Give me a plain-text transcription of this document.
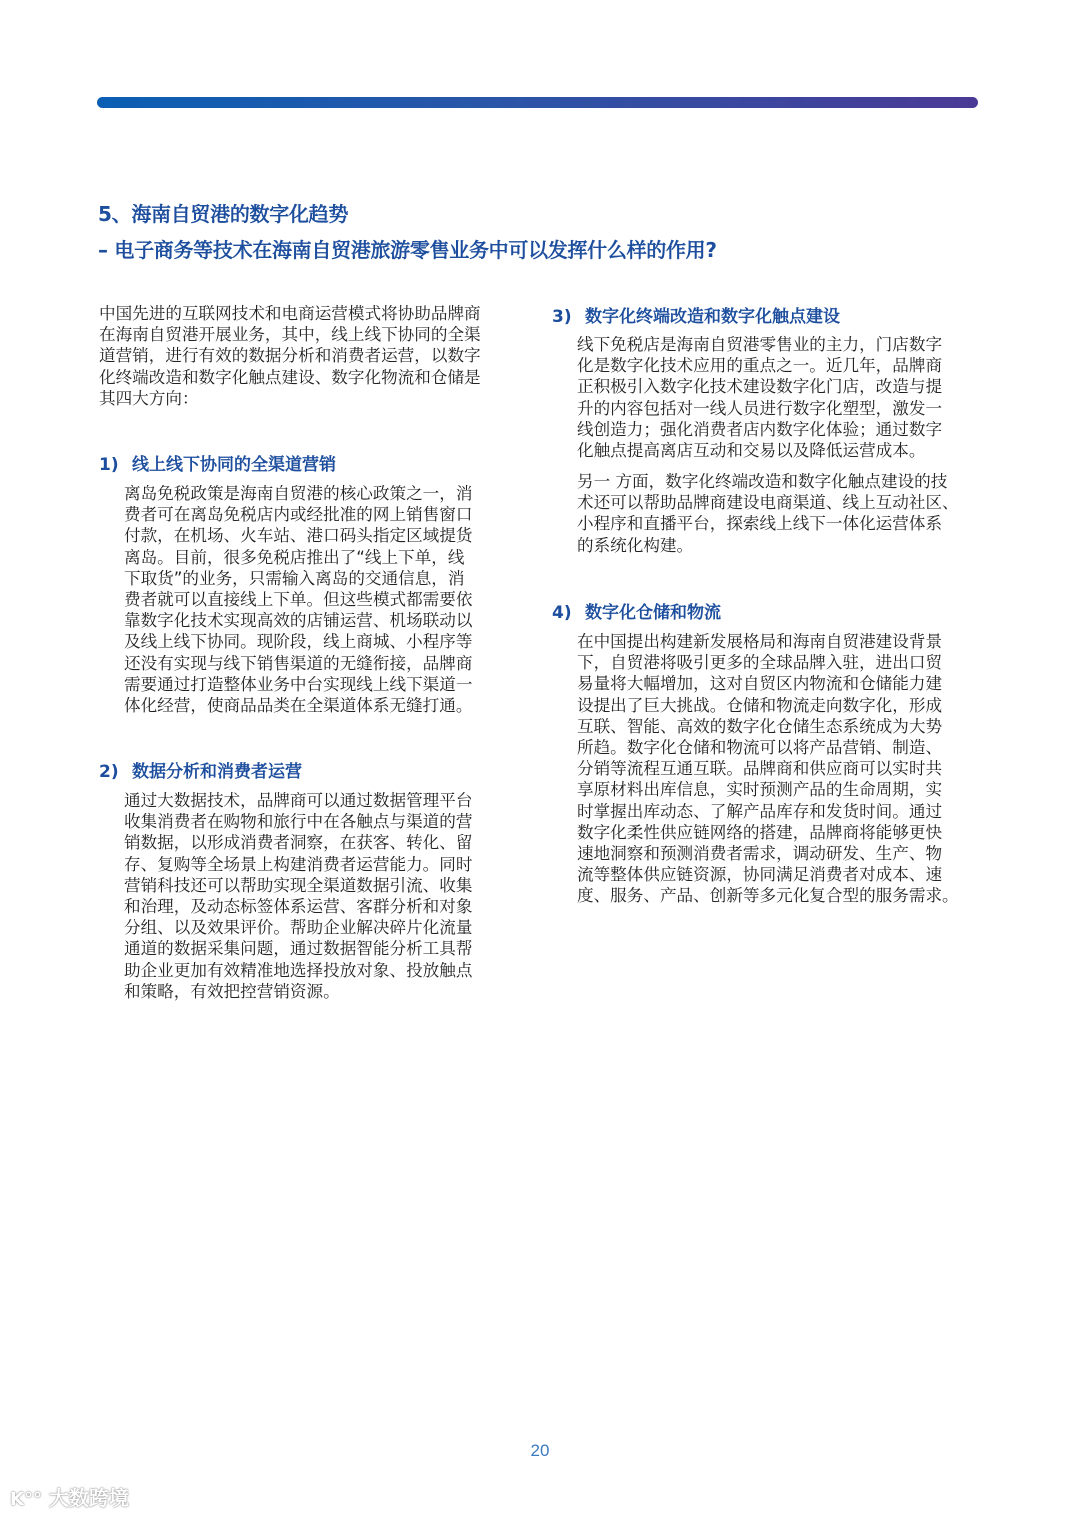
5、海南自贸港的数字化趋势
– 电子商务等技术在海南自贸港旅游零售业务中可以发挥什么样的作用?
中国先进的互联网技术和电商运营模式将协助品牌商
在海南自贸港开展业务，其中，线上线下协同的全渠
道营销，进行有效的数据分析和消费者运营，以数字
化终端改造和数字化触点建设、数字化物流和仓储是
其四大方向：
1) 线上线下协同的全渠道营销
离岛免税政策是海南自贸港的核心政策之一，消
费者可在离岛免税店内或经批准的网上销售窗口
付款，在机场、火车站、港口码头指定区域提货
离岛。目前，很多免税店推出了“线上下单，线
下取货”的业务，只需输入离岛的交通信息，消
费者就可以直接线上下单。但这些模式都需要依
靠数字化技术实现高效的店铺运营、机场联动以
及线上线下协同。现阶段，线上商城、小程序等
还没有实现与线下销售渠道的无缝衔接，品牌商
需要通过打造整体业务中台实现线上线下渠道一
体化经营，使商品品类在全渠道体系无缝打通。
2) 数据分析和消费者运营
通过大数据技术，品牌商可以通过数据管理平台
收集消费者在购物和旅行中在各触点与渠道的营
销数据，以形成消费者洞察，在获客、转化、留
存、复购等全场景上构建消费者运营能力。同时
营销科技还可以帮助实现全渠道数据引流、收集
和治理，及动态标签体系运营、客群分析和对象
分组、以及效果评价。帮助企业解决碎片化流量
通道的数据采集问题，通过数据智能分析工具帮
助企业更加有效精准地选择投放对象、投放触点
和策略，有效把控营销资源。
3) 数字化终端改造和数字化触点建设
线下免税店是海南自贸港零售业的主力，门店数字
化是数字化技术应用的重点之一。近几年，品牌商
正积极引入数字化技术建设数字化门店，改造与提
升的内容包括对一线人员进行数字化塑型，激发一
线创造力；强化消费者店内数字化体验；通过数字
化触点提高离店互动和交易以及降低运营成本。
另一 方面，数字化终端改造和数字化触点建设的技
术还可以帮助品牌商建设电商渠道、线上互动社区、
小程序和直播平台，探索线上线下一体化运营体系
的系统化构建。
4) 数字化仓储和物流
在中国提出构建新发展格局和海南自贸港建设背景
下，自贸港将吸引更多的全球品牌入驻，进出口贸
易量将大幅增加，这对自贸区内物流和仓储能力建
设提出了巨大挑战。仓储和物流走向数字化，形成
互联、智能、高效的数字化仓储生态系统成为大势
所趋。数字化仓储和物流可以将产品营销、制造、
分销等流程互通互联。品牌商和供应商可以实时共
享原材料出库信息，实时预测产品的生命周期，实
时掌握出库动态、了解产品库存和发货时间。通过
数字化柔性供应链网络的搭建，品牌商将能够更快
速地洞察和预测消费者需求，调动研发、生产、物
流等整体供应链资源，协同满足消费者对成本、速
度、服务、产品、创新等多元化复合型的服务需求。
20
K°° 大数跨境
